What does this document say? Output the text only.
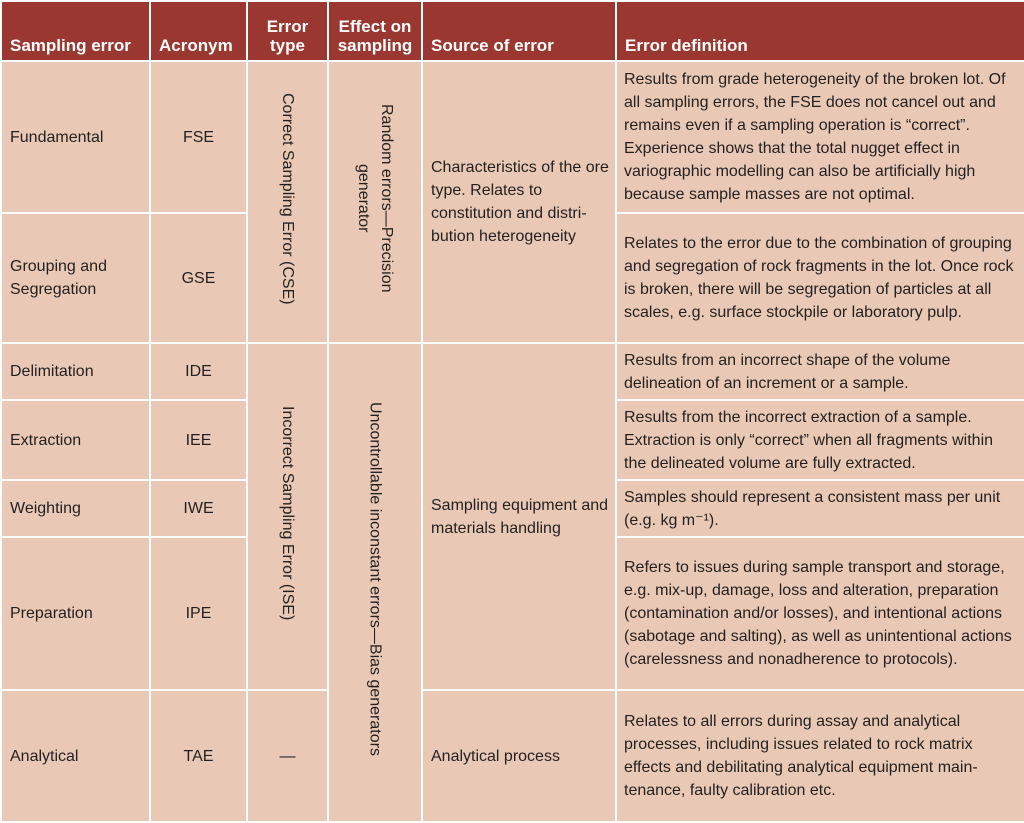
Sampling error	Acronym	Error type	Effect on sampling	Source of error	Error definition
Fundamental	FSE	Correct Sampling Error (CSE)	Random errors—Precision generator	Characteristics of the ore type. Relates to constitution and distribution heterogeneity	Results from grade heterogeneity of the broken lot. Of all sampling errors, the FSE does not cancel out and remains even if a sampling operation is “correct”. Experience shows that the total nugget effect in variographic modelling can also be artificially high because sample masses are not optimal.
Grouping and Segregation	GSE				Relates to the error due to the combination of grouping and segregation of rock fragments in the lot. Once rock is broken, there will be segregation of particles at all scales, e.g. surface stockpile or laboratory pulp.
Delimitation	IDE	Incorrect Sampling Error (ISE)	Uncontrollable inconstant errors—Bias generators	Sampling equipment and materials handling	Results from an incorrect shape of the volume delineation of an increment or a sample.
Extraction	IEE				Results from the incorrect extraction of a sample. Extraction is only “correct” when all fragments within the delineated volume are fully extracted.
Weighting	IWE				Samples should represent a consistent mass per unit (e.g. kg m⁻¹).
Preparation	IPE				Refers to issues during sample transport and storage, e.g. mix-up, damage, loss and alteration, preparation (contamination and/or losses), and intentional actions (sabotage and salting), as well as unintentional actions (carelessness and nonadherence to protocols).
Analytical	TAE	—		Analytical process	Relates to all errors during assay and analytical processes, including issues related to rock matrix effects and debilitating analytical equipment maintenance, faulty calibration etc.
